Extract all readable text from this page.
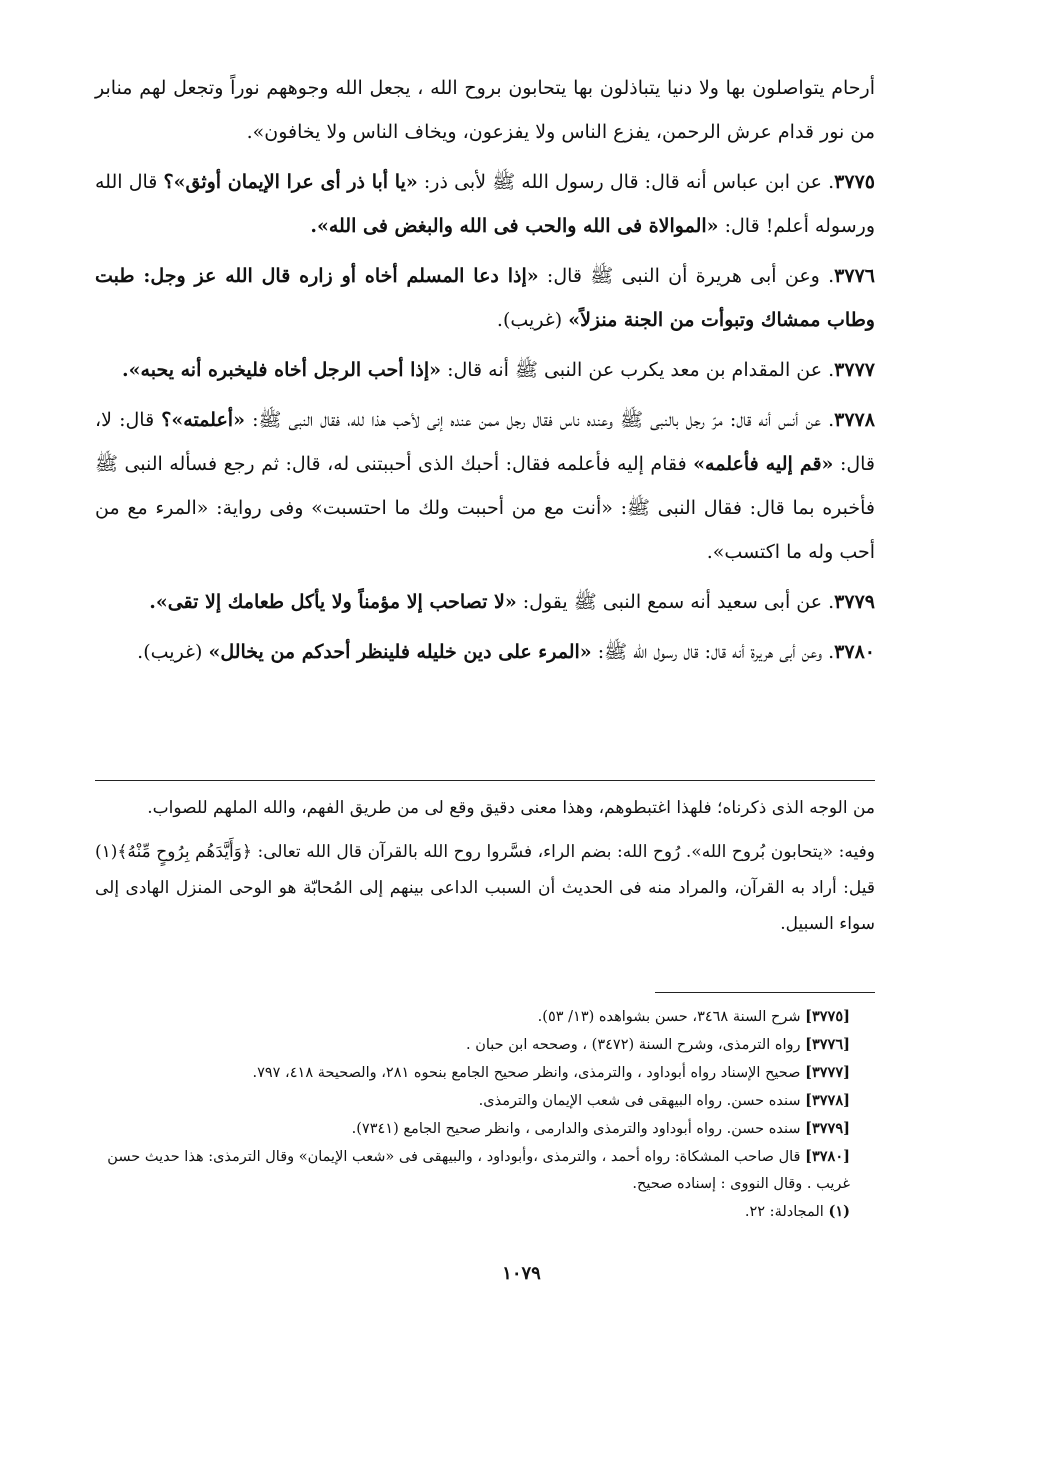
أرحام يتواصلون بها ولا دنيا يتباذلون بها يتحابون بروح الله ، يجعل الله وجوههم نوراً وتجعل لهم منابر من نور قدام عرش الرحمن، يفزع الناس ولا يفزعون، ويخاف الناس ولا يخافون».

٣٧٧٥. عن ابن عباس أنه قال: قال رسول الله ﷺ لأبى ذر: «يا أبا ذر أى عرا الإيمان أوثق»؟ قال الله ورسوله أعلم! قال: «الموالاة فى الله والحب فى الله والبغض فى الله».

٣٧٧٦. وعن أبى هريرة أن النبى ﷺ قال: «إذا دعا المسلم أخاه أو زاره قال الله عز وجل: طبت وطاب ممشاك وتبوأت من الجنة منزلاً» (غريب).

٣٧٧٧. عن المقدام بن معد يكرب عن النبى ﷺ أنه قال: «إذا أحب الرجل أخاه فليخبره أنه يحبه».

٣٧٧٨. عن أنس أنه قال: مرّ رجل بالنبى ﷺ وعنده ناس فقال رجل ممن عنده إنى لأحب هذا لله، فقال النبى ﷺ: «أعلمته»؟ قال: لا، قال: «قم إليه فأعلمه» فقام إليه فأعلمه فقال: أحبك الذى أحببتنى له، قال: ثم رجع فسأله النبى ﷺ فأخبره بما قال: فقال النبى ﷺ: «أنت مع من أحببت ولك ما احتسبت» وفى رواية: «المرء مع من أحب وله ما اكتسب».

٣٧٧٩. عن أبى سعيد أنه سمع النبى ﷺ يقول: «لا تصاحب إلا مؤمناً ولا يأكل طعامك إلا تقى».

٣٧٨٠. وعن أبى هريرة أنه قال: قال رسول الله ﷺ: «المرء على دين خليله فلينظر أحدكم من يخالل» (غريب).

من الوجه الذى ذكرناه؛ فلهذا اغتبطوهم، وهذا معنى دقيق وقع لى من طريق الفهم، والله الملهم للصواب.

وفيه: «يتحابون بُروح الله». رُوح الله: بضم الراء، فسَّروا روح الله بالقرآن قال الله تعالى: ﴿وَأَيَّدَهُم بِرُوحٍ مِّنْهُ﴾(١) قيل: أراد به القرآن، والمراد منه فى الحديث أن السبب الداعى بينهم إلى المُحابّة هو الوحى المنزل الهادى إلى سواء السبيل.

[٣٧٧٥] شرح السنة ٣٤٦٨، حسن بشواهده (١٣/ ٥٣).

[٣٧٧٦] رواه الترمذى، وشرح السنة (٣٤٧٢) ، وصححه ابن حبان .

[٣٧٧٧] صحيح الإسناد رواه أبوداود ، والترمذى، وانظر صحيح الجامع بنحوه ٢٨١، والصحيحة ٤١٨، ٧٩٧.

[٣٧٧٨] سنده حسن. رواه البيهقى فى شعب الإيمان والترمذى.

[٣٧٧٩] سنده حسن. رواه أبوداود والترمذى والدارمى ، وانظر صحيح الجامع (٧٣٤١).

[٣٧٨٠] قال صاحب المشكاة: رواه أحمد ، والترمذى ،وأبوداود ، والبيهقى فى «شعب الإيمان» وقال الترمذى: هذا حديث حسن غريب . وقال النووى : إسناده صحيح.

(١) المجادلة: ٢٢.

١٠٧٩
